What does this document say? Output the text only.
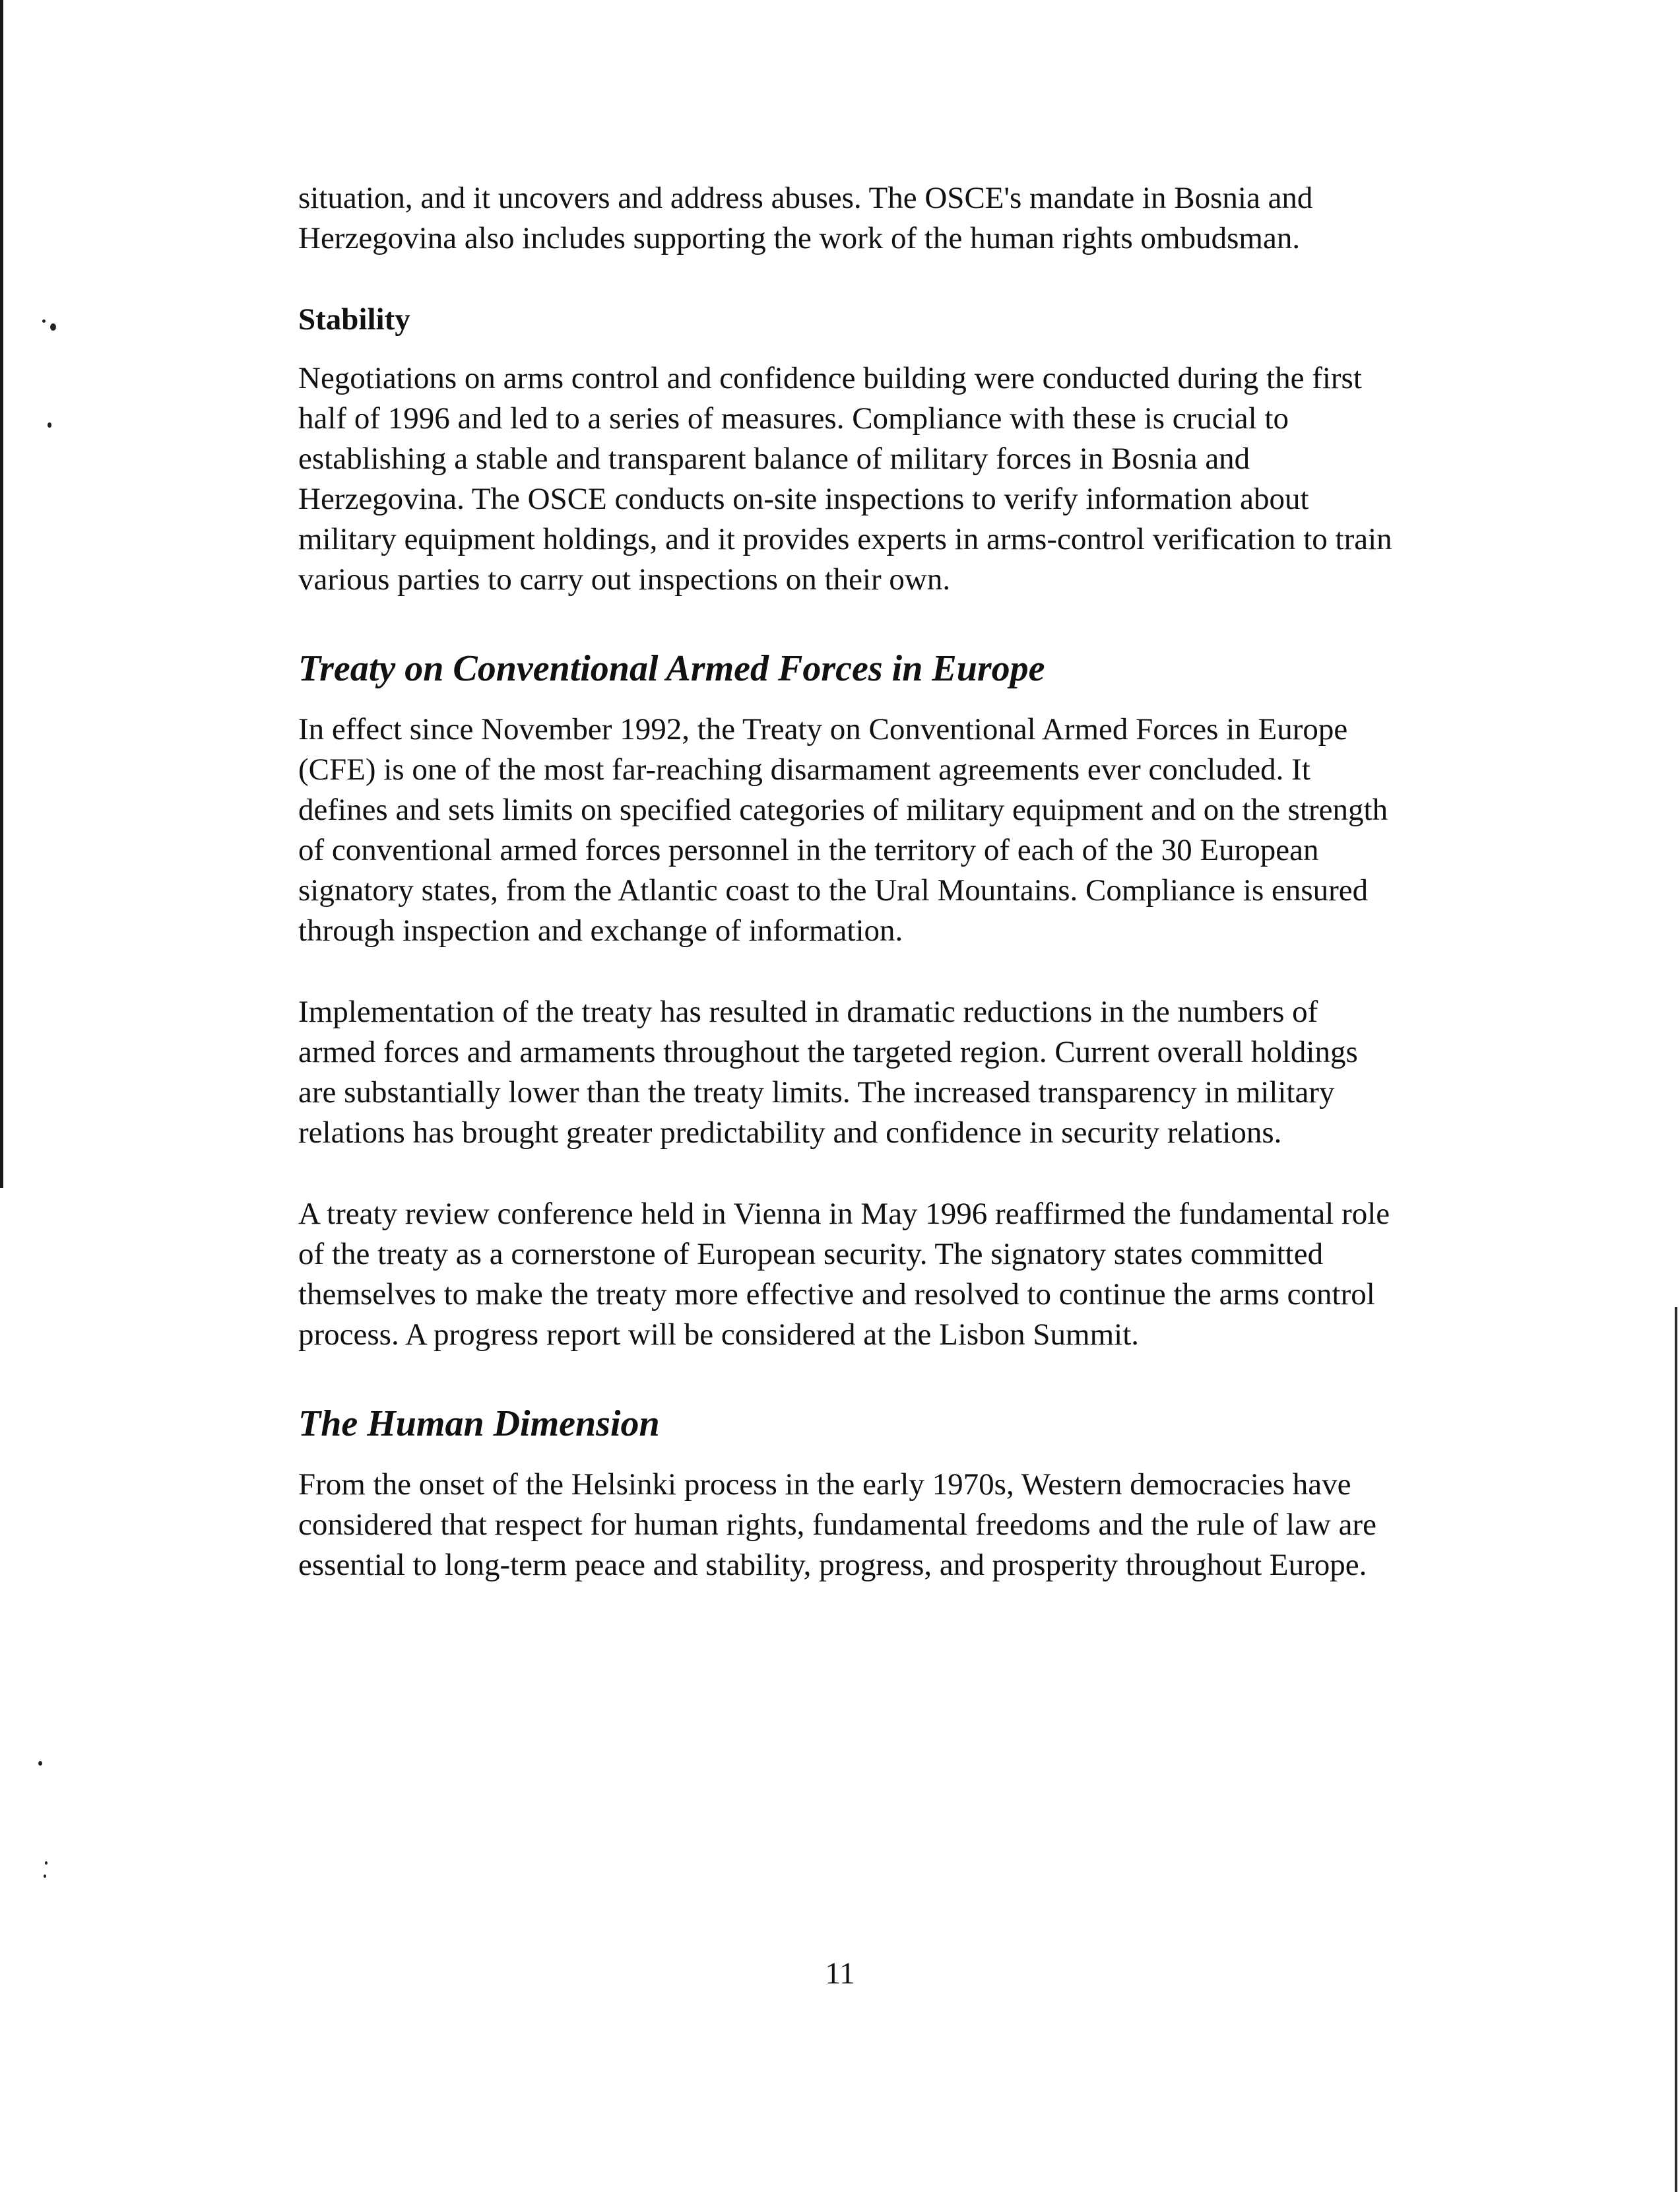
situation, and it uncovers and address abuses. The OSCE's mandate in Bosnia and Herzegovina also includes supporting the work of the human rights ombudsman.

Stability

Negotiations on arms control and confidence building were conducted during the first half of 1996 and led to a series of measures. Compliance with these is crucial to establishing a stable and transparent balance of military forces in Bosnia and Herzegovina. The OSCE conducts on-site inspections to verify information about military equipment holdings, and it provides experts in arms-control verification to train various parties to carry out inspections on their own.

Treaty on Conventional Armed Forces in Europe

In effect since November 1992, the Treaty on Conventional Armed Forces in Europe (CFE) is one of the most far-reaching disarmament agreements ever concluded. It defines and sets limits on specified categories of military equipment and on the strength of conventional armed forces personnel in the territory of each of the 30 European signatory states, from the Atlantic coast to the Ural Mountains. Compliance is ensured through inspection and exchange of information.

Implementation of the treaty has resulted in dramatic reductions in the numbers of armed forces and armaments throughout the targeted region. Current overall holdings are substantially lower than the treaty limits. The increased transparency in military relations has brought greater predictability and confidence in security relations.

A treaty review conference held in Vienna in May 1996 reaffirmed the fundamental role of the treaty as a cornerstone of European security. The signatory states committed themselves to make the treaty more effective and resolved to continue the arms control process. A progress report will be considered at the Lisbon Summit.

The Human Dimension

From the onset of the Helsinki process in the early 1970s, Western democracies have considered that respect for human rights, fundamental freedoms and the rule of law are essential to long-term peace and stability, progress, and prosperity throughout Europe.

11
